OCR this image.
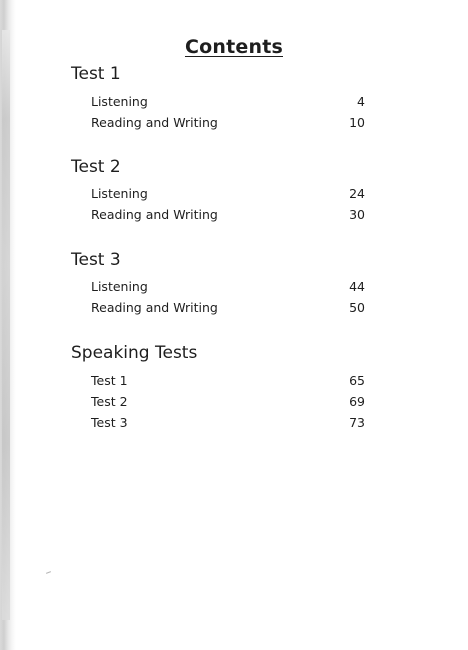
Contents
Test 1
Listening	4
Reading and Writing	10
Test 2
Listening	24
Reading and Writing	30
Test 3
Listening	44
Reading and Writing	50
Speaking Tests
Test 1	65
Test 2	69
Test 3	73
